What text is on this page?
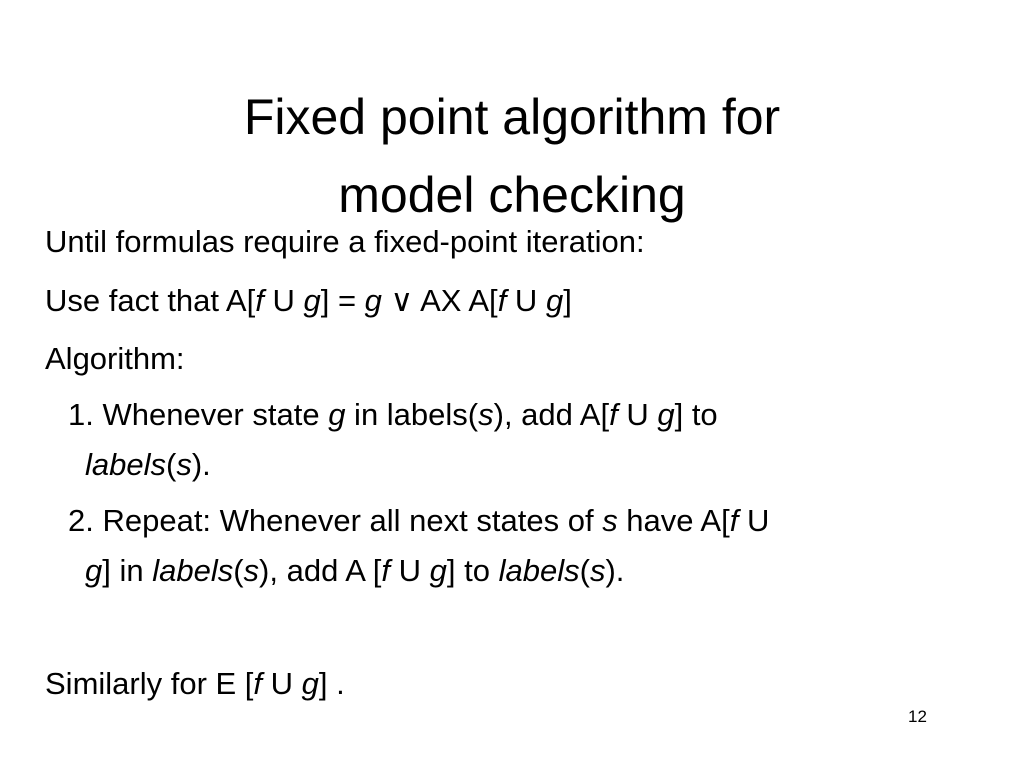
Fixed point algorithm for
model checking
Until formulas require a fixed-point iteration:
Use fact that A[f U g] = g ∨ AX A[f U g]
Algorithm:
1. Whenever state g in labels(s), add A[f U g] to
labels(s).
2. Repeat: Whenever all next states of s have A[f U
g] in labels(s), add A [f U g] to labels(s).
Similarly for E [f U g] .
12
